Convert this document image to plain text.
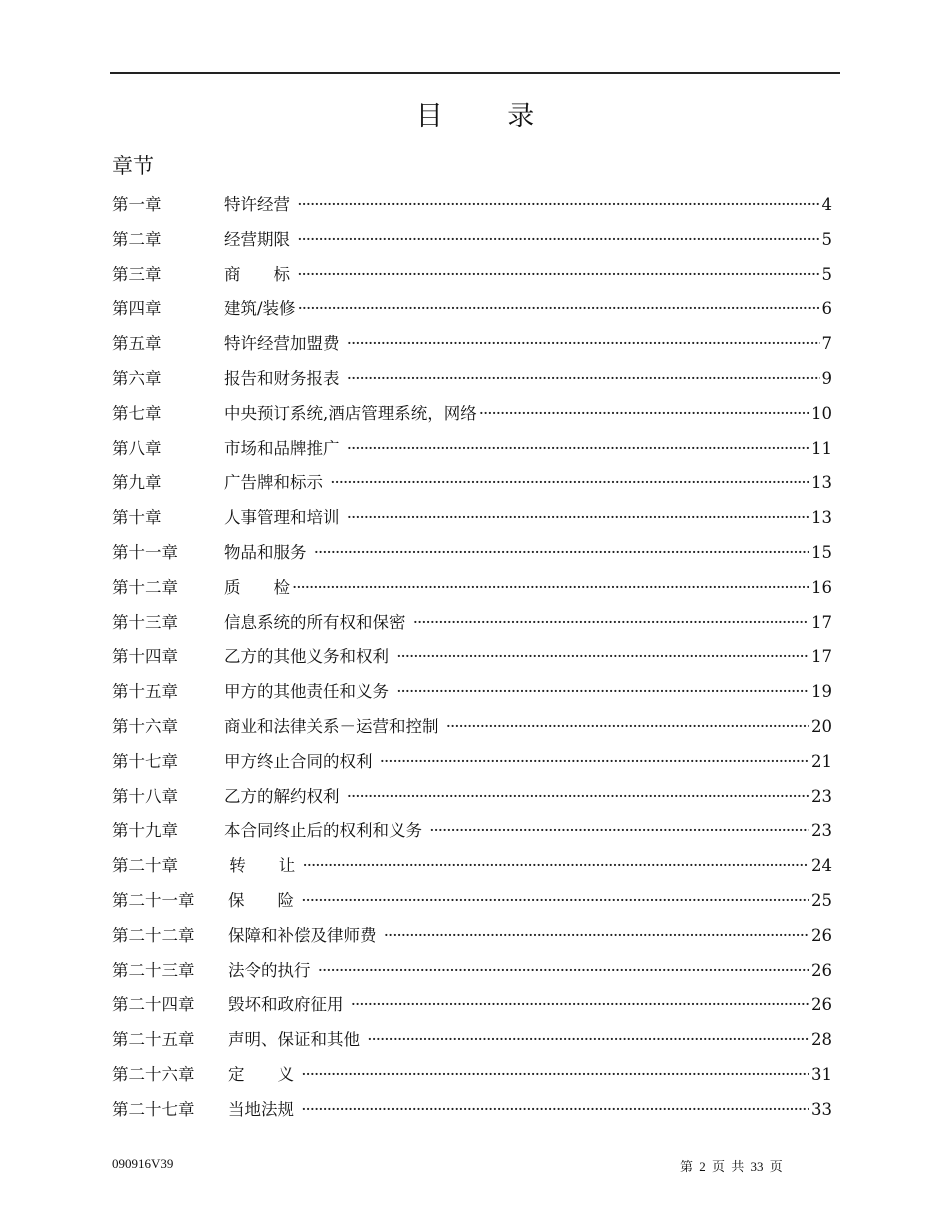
目 录
章节
第一章	特许经营 ·····	4
第二章	经营期限 ·····	5
第三章	商　　标 ·····	5
第四章	建筑/装修 ·····	6
第五章	特许经营加盟费 ·····	7
第六章	报告和财务报表 ·····	9
第七章	中央预订系统,酒店管理系统，网络 ·····	10
第八章	市场和品牌推广 ·····	11
第九章	广告牌和标示 ·····	13
第十章	人事管理和培训 ·····	13
第十一章	物品和服务 ·····	15
第十二章	质　　检 ·····	16
第十三章	信息系统的所有权和保密 ·····	17
第十四章	乙方的其他义务和权利 ·····	17
第十五章	甲方的其他责任和义务 ·····	19
第十六章	商业和法律关系－运营和控制 ·····	20
第十七章	甲方终止合同的权利 ·····	21
第十八章	乙方的解约权利 ·····	23
第十九章	本合同终止后的权利和义务 ·····	23
第二十章	转　　让 ·····	24
第二十一章 保　　险 ·····	25
第二十二章 保障和补偿及律师费 ·····	26
第二十三章 法令的执行 ·····	26
第二十四章 毁坏和政府征用 ·····	26
第二十五章 声明、保证和其他 ·····	28
第二十六章 定　　义 ·····	31
第二十七章 当地法规 ·····	33
090916V39	第 2 页 共 33 页
